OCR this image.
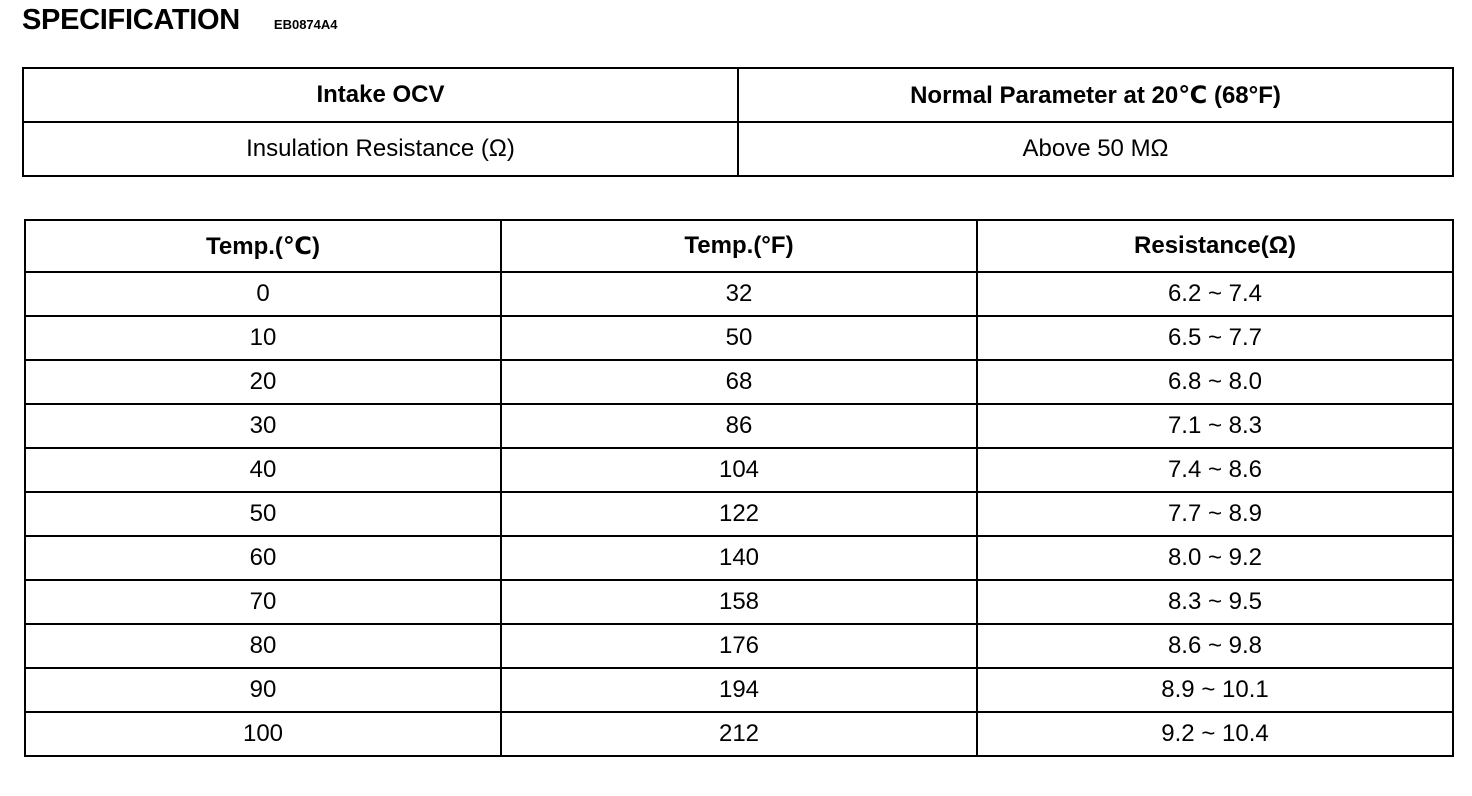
SPECIFICATION	EB0874A4
Intake OCV	Normal Parameter at 20℃ (68°F)
Insulation Resistance (Ω)	Above 50 MΩ
Temp.(℃)	Temp.(°F)	Resistance(Ω)
0	32	6.2 ~ 7.4
10	50	6.5 ~ 7.7
20	68	6.8 ~ 8.0
30	86	7.1 ~ 8.3
40	104	7.4 ~ 8.6
50	122	7.7 ~ 8.9
60	140	8.0 ~ 9.2
70	158	8.3 ~ 9.5
80	176	8.6 ~ 9.8
90	194	8.9 ~ 10.1
100	212	9.2 ~ 10.4
